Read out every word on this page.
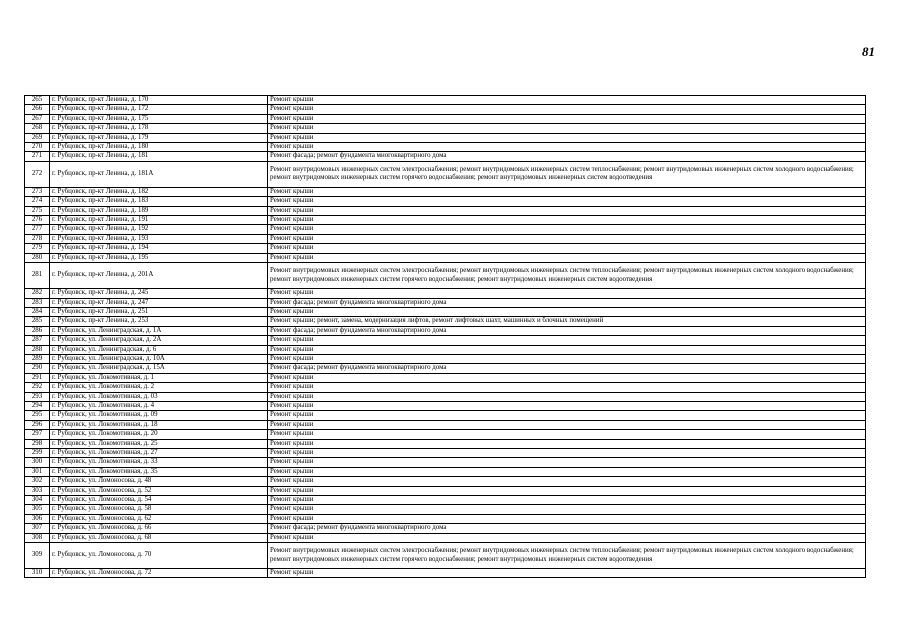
81
265	г. Рубцовск, пр-кт Ленина, д. 170	Ремонт крыши
266	г. Рубцовск, пр-кт Ленина, д. 172	Ремонт крыши
267	г. Рубцовск, пр-кт Ленина, д. 175	Ремонт крыши
268	г. Рубцовск, пр-кт Ленина, д. 178	Ремонт крыши
269	г. Рубцовск, пр-кт Ленина, д. 179	Ремонт крыши
270	г. Рубцовск, пр-кт Ленина, д. 180	Ремонт крыши
271	г. Рубцовск, пр-кт Ленина, д. 181	Ремонт фасада; ремонт фундамента многоквартирного дома
272	г. Рубцовск, пр-кт Ленина, д. 181А	Ремонт внутридомовых инженерных систем электроснабжения; ремонт внутридомовых инженерных систем теплоснабжения; ремонт внутридомовых инженерных систем холодного водоснабжения; ремонт внутридомовых инженерных систем горячего водоснабжения; ремонт внутридомовых инженерных систем водоотведения
273	г. Рубцовск, пр-кт Ленина, д. 182	Ремонт крыши
274	г. Рубцовск, пр-кт Ленина, д. 183	Ремонт крыши
275	г. Рубцовск, пр-кт Ленина, д. 189	Ремонт крыши
276	г. Рубцовск, пр-кт Ленина, д. 191	Ремонт крыши
277	г. Рубцовск, пр-кт Ленина, д. 192	Ремонт крыши
278	г. Рубцовск, пр-кт Ленина, д. 193	Ремонт крыши
279	г. Рубцовск, пр-кт Ленина, д. 194	Ремонт крыши
280	г. Рубцовск, пр-кт Ленина, д. 195	Ремонт крыши
281	г. Рубцовск, пр-кт Ленина, д. 201А	Ремонт внутридомовых инженерных систем электроснабжения; ремонт внутридомовых инженерных систем теплоснабжения; ремонт внутридомовых инженерных систем холодного водоснабжения; ремонт внутридомовых инженерных систем горячего водоснабжения; ремонт внутридомовых инженерных систем водоотведения
282	г. Рубцовск, пр-кт Ленина, д. 245	Ремонт крыши
283	г. Рубцовск, пр-кт Ленина, д. 247	Ремонт фасада; ремонт фундамента многоквартирного дома
284	г. Рубцовск, пр-кт Ленина, д. 251	Ремонт крыши
285	г. Рубцовск, пр-кт Ленина, д. 253	Ремонт крыши; ремонт, замена, модернизация лифтов, ремонт лифтовых шахт, машинных и блочных помещений
286	г. Рубцовск, ул. Ленинградская, д. 1А	Ремонт фасада; ремонт фундамента многоквартирного дома
287	г. Рубцовск, ул. Ленинградская, д. 2А	Ремонт крыши
288	г. Рубцовск, ул. Ленинградская, д. 6	Ремонт крыши
289	г. Рубцовск, ул. Ленинградская, д. 10А	Ремонт крыши
290	г. Рубцовск, ул. Ленинградская, д. 15А	Ремонт фасада; ремонт фундамента многоквартирного дома
291	г. Рубцовск, ул. Локомотивная, д. 1	Ремонт крыши
292	г. Рубцовск, ул. Локомотивная, д. 2	Ремонт крыши
293	г. Рубцовск, ул. Локомотивная, д. 03	Ремонт крыши
294	г. Рубцовск, ул. Локомотивная, д. 4	Ремонт крыши
295	г. Рубцовск, ул. Локомотивная, д. 09	Ремонт крыши
296	г. Рубцовск, ул. Локомотивная, д. 18	Ремонт крыши
297	г. Рубцовск, ул. Локомотивная, д. 20	Ремонт крыши
298	г. Рубцовск, ул. Локомотивная, д. 25	Ремонт крыши
299	г. Рубцовск, ул. Локомотивная, д. 27	Ремонт крыши
300	г. Рубцовск, ул. Локомотивная, д. 33	Ремонт крыши
301	г. Рубцовск, ул. Локомотивная, д. 35	Ремонт крыши
302	г. Рубцовск, ул. Ломоносова, д. 48	Ремонт крыши
303	г. Рубцовск, ул. Ломоносова, д. 52	Ремонт крыши
304	г. Рубцовск, ул. Ломоносова, д. 54	Ремонт крыши
305	г. Рубцовск, ул. Ломоносова, д. 58	Ремонт крыши
306	г. Рубцовск, ул. Ломоносова, д. 62	Ремонт крыши
307	г. Рубцовск, ул. Ломоносова, д. 66	Ремонт фасада; ремонт фундамента многоквартирного дома
308	г. Рубцовск, ул. Ломоносова, д. 68	Ремонт крыши
309	г. Рубцовск, ул. Ломоносова, д. 70	Ремонт внутридомовых инженерных систем электроснабжения; ремонт внутридомовых инженерных систем теплоснабжения; ремонт внутридомовых инженерных систем холодного водоснабжения; ремонт внутридомовых инженерных систем горячего водоснабжения; ремонт внутридомовых инженерных систем водоотведения
310	г. Рубцовск, ул. Ломоносова, д. 72	Ремонт крыши
